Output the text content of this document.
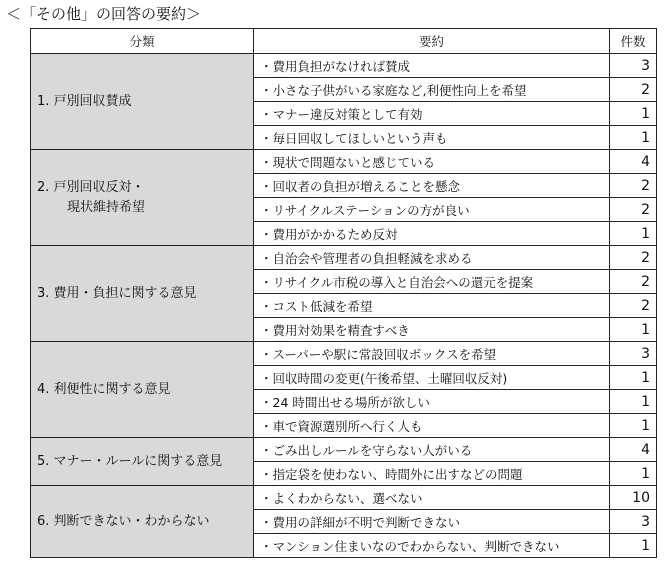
＜「その他」の回答の要約＞
分類	要約	件数

1. 戸別回収賛成	・費用負担がなければ賛成	3
	・小さな子供がいる家庭など,利便性向上を希望	2
	・マナー違反対策として有効	1
	・毎日回収してほしいという声も	1

2. 戸別回収反対・
現状維持希望	・現状で問題ないと感じている	4
	・回収者の負担が増えることを懸念	2
	・リサイクルステーションの方が良い	2
	・費用がかかるため反対	1

3. 費用・負担に関する意見	・自治会や管理者の負担軽減を求める	2
	・リサイクル市税の導入と自治会への還元を提案	2
	・コスト低減を希望	2
	・費用対効果を精査すべき	1

4. 利便性に関する意見	・スーパーや駅に常設回収ボックスを希望	3
	・回収時間の変更(午後希望、土曜回収反対)	1
	・24 時間出せる場所が欲しい	1
	・車で資源選別所へ行く人も	1

5. マナー・ルールに関する意見	・ごみ出しルールを守らない人がいる	4
	・指定袋を使わない、時間外に出すなどの問題	1

6. 判断できない・わからない	・よくわからない、選べない	10
	・費用の詳細が不明で判断できない	3
	・マンション住まいなのでわからない、判断できない	1
